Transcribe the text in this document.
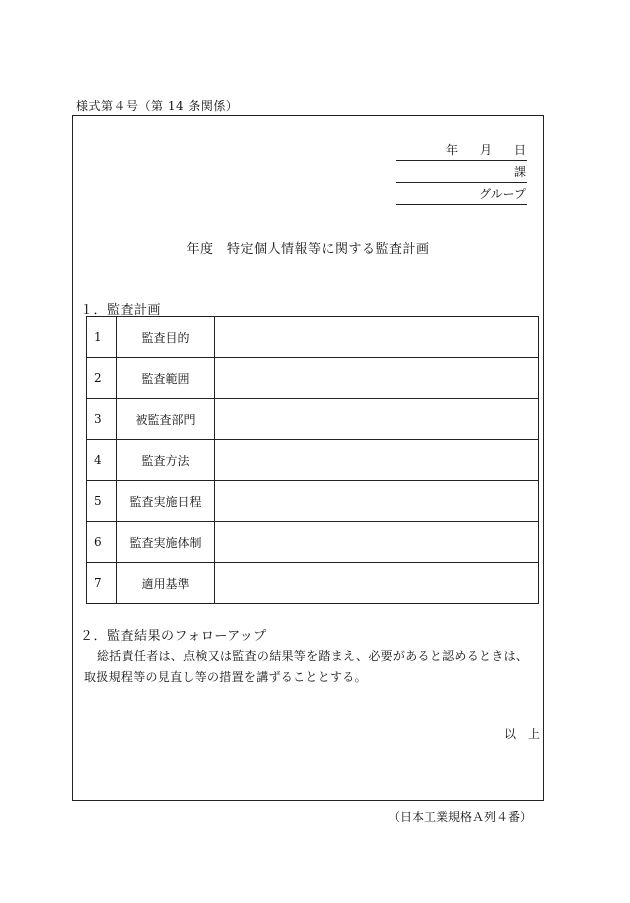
様式第４号（第 14 条関係）
年 月 日
課
グループ
年度　特定個人情報等に関する監査計画
１．監査計画
1	監査目的	
2	監査範囲	
3	被監査部門	
4	監査方法	
5	監査実施日程	
6	監査実施体制	
7	適用基準	
２．監査結果のフォローアップ
総括責任者は、点検又は監査の結果等を踏まえ、必要があると認めるときは、取扱規程等の見直し等の措置を講ずることとする。
以　上
（日本工業規格Ａ列４番）
